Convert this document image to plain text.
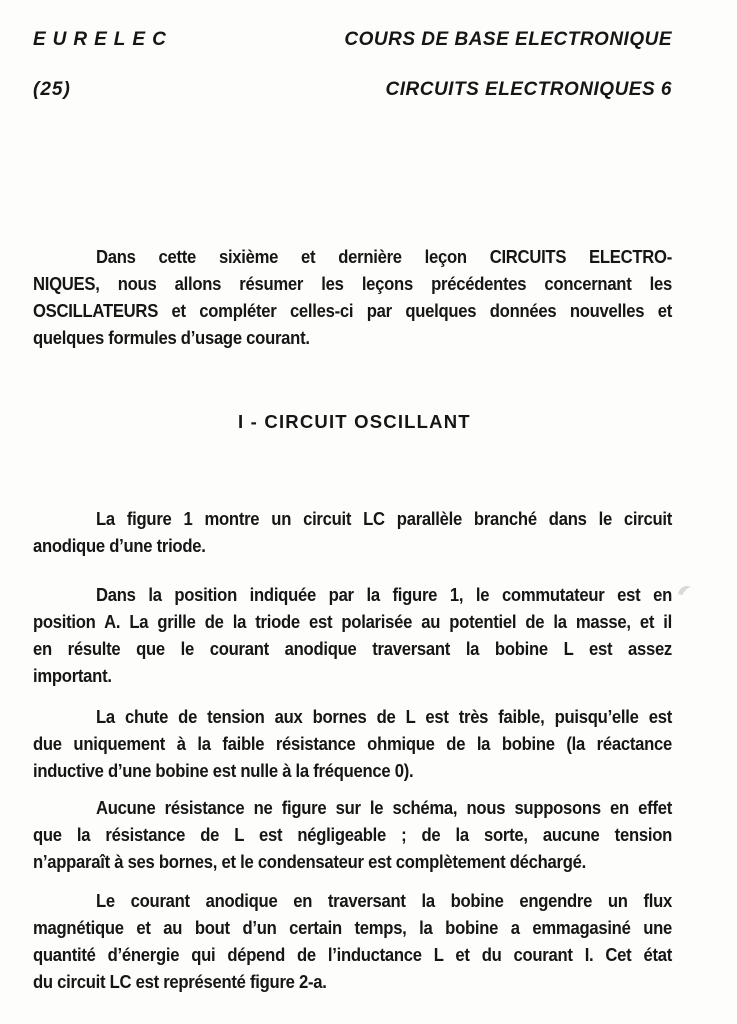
EURELEC	COURS DE BASE ELECTRONIQUE
(25)	CIRCUITS ELECTRONIQUES 6
Dans cette sixième et dernière leçon CIRCUITS ELECTRO-
NIQUES, nous allons résumer les leçons précédentes concernant les
OSCILLATEURS et compléter celles-ci par quelques données nouvelles et
quelques formules d’usage courant.
I - CIRCUIT OSCILLANT
La figure 1 montre un circuit LC parallèle branché dans le circuit
anodique d’une triode.
Dans la position indiquée par la figure 1, le commutateur est en
position A. La grille de la triode est polarisée au potentiel de la masse, et il
en résulte que le courant anodique traversant la bobine L est assez
important.
La chute de tension aux bornes de L est très faible, puisqu’elle est
due uniquement à la faible résistance ohmique de la bobine (la réactance
inductive d’une bobine est nulle à la fréquence 0).
Aucune résistance ne figure sur le schéma, nous supposons en effet
que la résistance de L est négligeable ; de la sorte, aucune tension
n’apparaît à ses bornes, et le condensateur est complètement déchargé.
Le courant anodique en traversant la bobine engendre un flux
magnétique et au bout d’un certain temps, la bobine a emmagasiné une
quantité d’énergie qui dépend de l’inductance L et du courant I. Cet état
du circuit LC est représenté figure 2-a.
